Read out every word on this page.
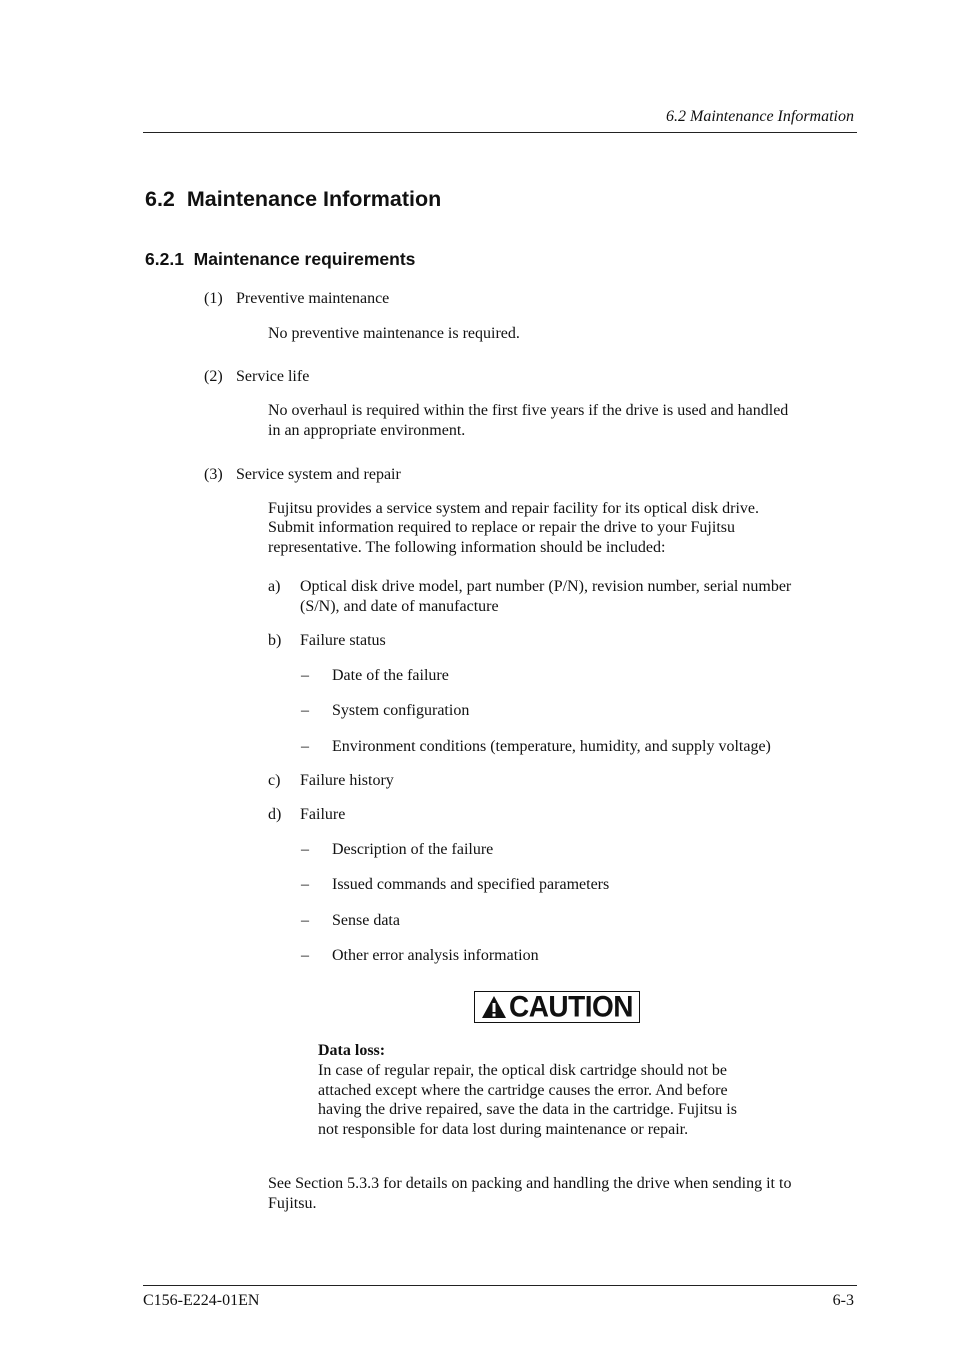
6.2 Maintenance Information
6.2 Maintenance Information
6.2.1 Maintenance requirements
(1) Preventive maintenance
No preventive maintenance is required.
(2) Service life
No overhaul is required within the first five years if the drive is used and handled
in an appropriate environment.
(3) Service system and repair
Fujitsu provides a service system and repair facility for its optical disk drive.
Submit information required to replace or repair the drive to your Fujitsu
representative. The following information should be included:
a) Optical disk drive model, part number (P/N), revision number, serial number
(S/N), and date of manufacture
b) Failure status
– Date of the failure
– System configuration
– Environment conditions (temperature, humidity, and supply voltage)
c) Failure history
d) Failure
– Description of the failure
– Issued commands and specified parameters
– Sense data
– Other error analysis information
CAUTION
Data loss:
In case of regular repair, the optical disk cartridge should not be
attached except where the cartridge causes the error. And before
having the drive repaired, save the data in the cartridge. Fujitsu is
not responsible for data lost during maintenance or repair.
See Section 5.3.3 for details on packing and handling the drive when sending it to
Fujitsu.
C156-E224-01EN	6-3
